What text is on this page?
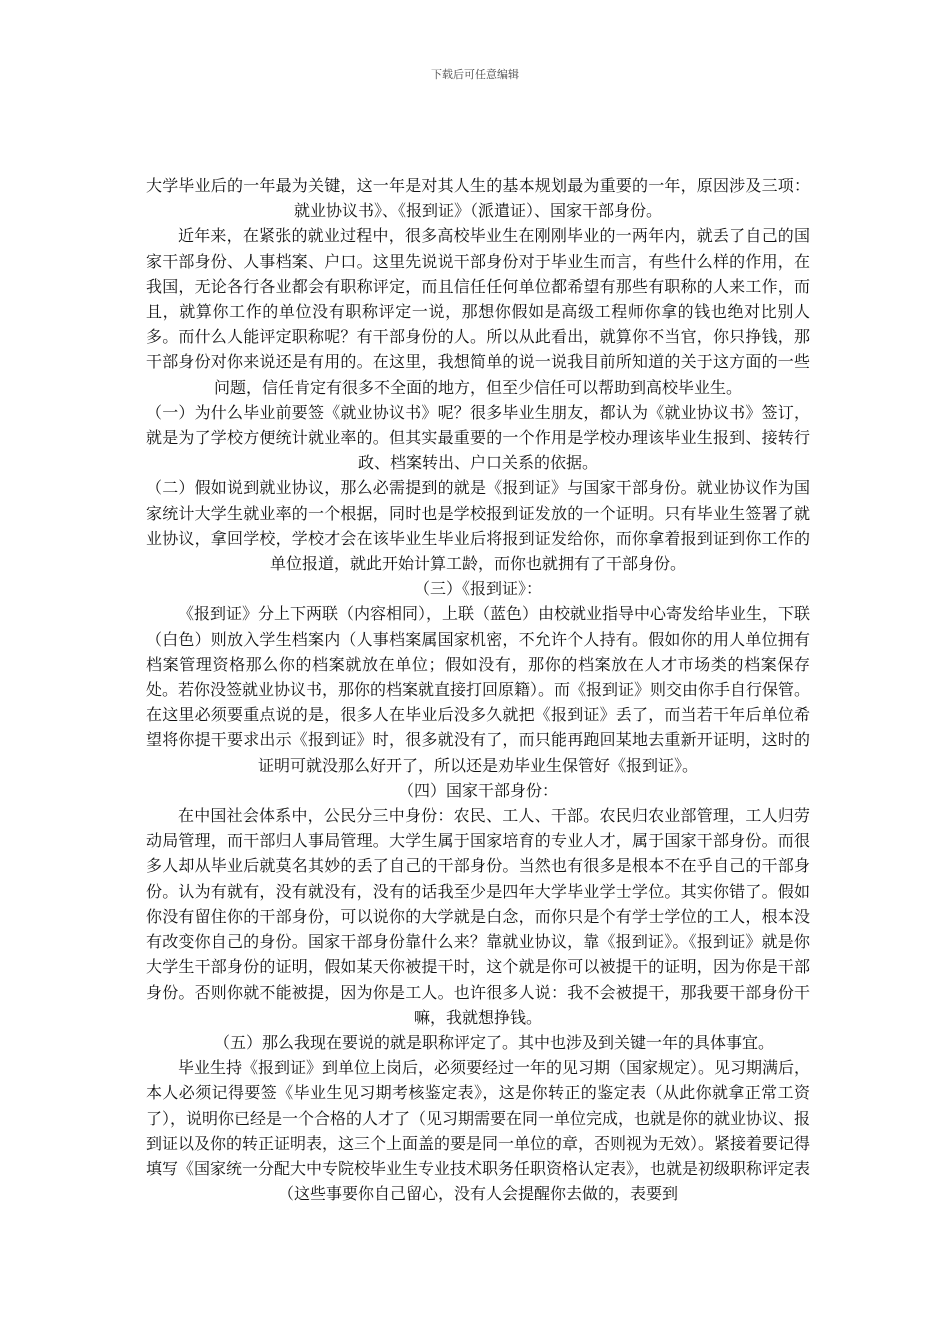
下载后可任意编辑

大学毕业后的一年最为关键，这一年是对其人生的基本规划最为重要的一年，原因涉及三项：就业协议书》、《报到证》（派遣证）、国家干部身份。

近年来，在紧张的就业过程中，很多高校毕业生在刚刚毕业的一两年内，就丢了自己的国家干部身份、人事档案、户口。这里先说说干部身份对于毕业生而言，有些什么样的作用，在我国，无论各行各业都会有职称评定，而且信任任何单位都希望有那些有职称的人来工作，而且，就算你工作的单位没有职称评定一说，那想你假如是高级工程师你拿的钱也绝对比别人多。而什么人能评定职称呢？有干部身份的人。所以从此看出，就算你不当官，你只挣钱，那干部身份对你来说还是有用的。在这里，我想简单的说一说我目前所知道的关于这方面的一些问题，信任肯定有很多不全面的地方，但至少信任可以帮助到高校毕业生。

（一）为什么毕业前要签《就业协议书》呢？很多毕业生朋友，都认为《就业协议书》签订，就是为了学校方便统计就业率的。但其实最重要的一个作用是学校办理该毕业生报到、接转行政、档案转出、户口关系的依据。

（二）假如说到就业协议，那么必需提到的就是《报到证》与国家干部身份。就业协议作为国家统计大学生就业率的一个根据，同时也是学校报到证发放的一个证明。只有毕业生签署了就业协议，拿回学校，学校才会在该毕业生毕业后将报到证发给你，而你拿着报到证到你工作的单位报道，就此开始计算工龄，而你也就拥有了干部身份。

（三）《报到证》：

《报到证》分上下两联（内容相同），上联（蓝色）由校就业指导中心寄发给毕业生，下联（白色）则放入学生档案内（人事档案属国家机密，不允许个人持有。假如你的用人单位拥有档案管理资格那么你的档案就放在单位；假如没有，那你的档案放在人才市场类的档案保存处。若你没签就业协议书，那你的档案就直接打回原籍）。而《报到证》则交由你手自行保管。在这里必须要重点说的是，很多人在毕业后没多久就把《报到证》丢了，而当若干年后单位希望将你提干要求出示《报到证》时，很多就没有了，而只能再跑回某地去重新开证明，这时的证明可就没那么好开了，所以还是劝毕业生保管好《报到证》。

（四）国家干部身份：

在中国社会体系中，公民分三中身份：农民、工人、干部。农民归农业部管理，工人归劳动局管理，而干部归人事局管理。大学生属于国家培育的专业人才，属于国家干部身份。而很多人却从毕业后就莫名其妙的丢了自己的干部身份。当然也有很多是根本不在乎自己的干部身份。认为有就有，没有就没有，没有的话我至少是四年大学毕业学士学位。其实你错了。假如你没有留住你的干部身份，可以说你的大学就是白念，而你只是个有学士学位的工人，根本没有改变你自己的身份。国家干部身份靠什么来？靠就业协议，靠《报到证》。《报到证》就是你大学生干部身份的证明，假如某天你被提干时，这个就是你可以被提干的证明，因为你是干部身份。否则你就不能被提，因为你是工人。也许很多人说：我不会被提干，那我要干部身份干嘛，我就想挣钱。

（五）那么我现在要说的就是职称评定了。其中也涉及到关键一年的具体事宜。

毕业生持《报到证》到单位上岗后，必须要经过一年的见习期（国家规定）。见习期满后，本人必须记得要签《毕业生见习期考核鉴定表》，这是你转正的鉴定表（从此你就拿正常工资了），说明你已经是一个合格的人才了（见习期需要在同一单位完成，也就是你的就业协议、报到证以及你的转正证明表，这三个上面盖的要是同一单位的章，否则视为无效）。紧接着要记得填写《国家统一分配大中专院校毕业生专业技术职务任职资格认定表》，也就是初级职称评定表（这些事要你自己留心，没有人会提醒你去做的，表要到
